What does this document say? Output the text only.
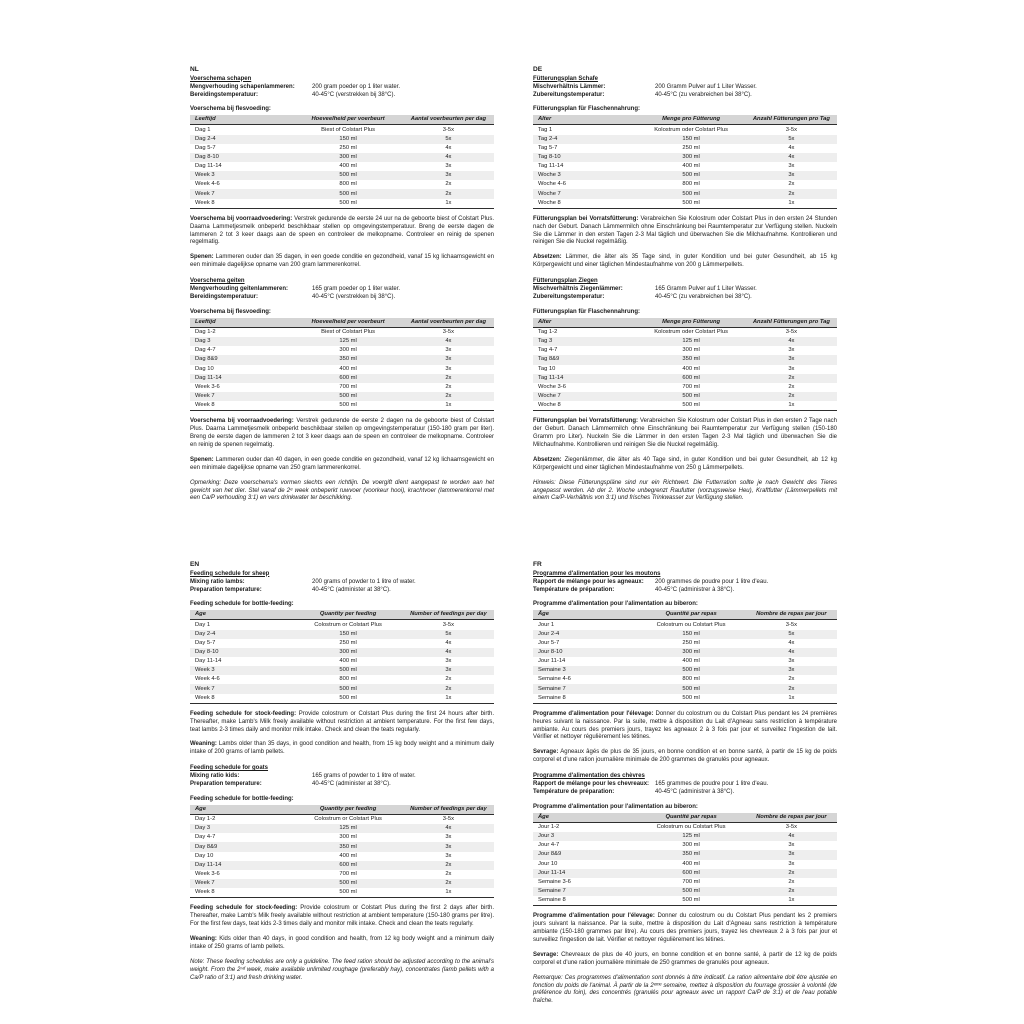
NL
Voerschema schapen
Mengverhouding schapenlammeren:	200 gram poeder op 1 liter water.
Bereidingstemperatuur:	40-45°C (verstrekken bij 38°C).
Voerschema bij flesvoeding:
Leeftijd	Hoeveelheid per voerbeurt	Aantal voerbeurten per dag
Dag 1	Biest of Colstart Plus	3-5x
Dag 2-4	150 ml	5x
Dag 5-7	250 ml	4x
Dag 8-10	300 ml	4x
Dag 11-14	400 ml	3x
Week 3	500 ml	3x
Week 4-6	800 ml	2x
Week 7	500 ml	2x
Week 8	500 ml	1x

Voerschema bij voorraadvoedering: Verstrek gedurende de eerste 24 uur na de geboorte biest of Colstart Plus. Daarna Lammetjesmelk onbeperkt beschikbaar stellen op omgevingstemperatuur. Breng de eerste dagen de lammeren 2 tot 3 keer daags aan de speen en controleer de melkopname. Controleer en reinig de spenen regelmatig.

Spenen: Lammeren ouder dan 35 dagen, in een goede conditie en gezondheid, vanaf 15 kg lichaamsgewicht en een minimale dagelijkse opname van 200 gram lammerenkorrel.

Voerschema geiten
Mengverhouding geitenlammeren:	165 gram poeder op 1 liter water.
Bereidingstemperatuur:	40-45°C (verstrekken bij 38°C).
Voerschema bij flesvoeding:
Leeftijd	Hoeveelheid per voerbeurt	Aantal voerbeurten per dag
Dag 1-2	Biest of Colstart Plus	3-5x
Dag 3	125 ml	4x
Dag 4-7	300 ml	3x
Dag 8&9	350 ml	3x
Dag 10	400 ml	3x
Dag 11-14	600 ml	2x
Week 3-6	700 ml	2x
Week 7	500 ml	2x
Week 8	500 ml	1x

Voerschema bij voorraadvoedering: Verstrek gedurende de eerste 2 dagen na de geboorte biest of Colstart Plus. Daarna Lammetjesmelk onbeperkt beschikbaar stellen op omgevingstemperatuur (150-180 gram per liter). Breng de eerste dagen de lammeren 2 tot 3 keer daags aan de speen en controleer de melkopname. Controleer en reinig de spenen regelmatig.

Spenen: Lammeren ouder dan 40 dagen, in een goede conditie en gezondheid, vanaf 12 kg lichaamsgewicht en een minimale dagelijkse opname van 250 gram lammerenkorrel.

Opmerking: Deze voerschema's vormen slechts een richtlijn. De voergift dient aangepast te worden aan het gewicht van het dier. Stel vanaf de 2ᵉ week onbeperkt ruwvoer (voorkeur hooi), krachtvoer (lammerenkorrel met een Ca/P verhouding 3:1) en vers drinkwater ter beschikking.

DE
Fütterungsplan Schafe
Mischverhältnis Lämmer:	200 Gramm Pulver auf 1 Liter Wasser.
Zubereitungstemperatur:	40-45°C (zu verabreichen bei 38°C).
Fütterungsplan für Flaschennahrung:
Alter	Menge pro Fütterung	Anzahl Fütterungen pro Tag
Tag 1	Kolostrum oder Colstart Plus	3-5x
Tag 2-4	150 ml	5x
Tag 5-7	250 ml	4x
Tag 8-10	300 ml	4x
Tag 11-14	400 ml	3x
Woche 3	500 ml	3x
Woche 4-6	800 ml	2x
Woche 7	500 ml	2x
Woche 8	500 ml	1x

Fütterungsplan bei Vorratsfütterung: Verabreichen Sie Kolostrum oder Colstart Plus in den ersten 24 Stunden nach der Geburt. Danach Lämmermilch ohne Einschränkung bei Raumtemperatur zur Verfügung stellen. Nuckeln Sie die Lämmer in den ersten Tagen 2-3 Mal täglich und überwachen Sie die Milchaufnahme. Kontrollieren und reinigen Sie die Nuckel regelmäßig.

Absetzen: Lämmer, die älter als 35 Tage sind, in guter Kondition und bei guter Gesundheit, ab 15 kg Körpergewicht und einer täglichen Mindestaufnahme von 200 g Lämmerpellets.

Fütterungsplan Ziegen
Mischverhältnis Ziegenlämmer:	165 Gramm Pulver auf 1 Liter Wasser.
Zubereitungstemperatur:	40-45°C (zu verabreichen bei 38°C).
Fütterungsplan für Flaschennahrung:
Alter	Menge pro Fütterung	Anzahl Fütterungen pro Tag
Tag 1-2	Kolostrum oder Colstart Plus	3-5x
Tag 3	125 ml	4x
Tag 4-7	300 ml	3x
Tag 8&9	350 ml	3x
Tag 10	400 ml	3x
Tag 11-14	600 ml	2x
Woche 3-6	700 ml	2x
Woche 7	500 ml	2x
Woche 8	500 ml	1x

Fütterungsplan bei Vorratsfütterung: Verabreichen Sie Kolostrum oder Colstart Plus in den ersten 2 Tage nach der Geburt. Danach Lämmermilch ohne Einschränkung bei Raumtemperatur zur Verfügung stellen (150-180 Gramm pro Liter). Nuckeln Sie die Lämmer in den ersten Tagen 2-3 Mal täglich und überwachen Sie die Milchaufnahme. Kontrollieren und reinigen Sie die Nuckel regelmäßig.

Absetzen: Ziegenlämmer, die älter als 40 Tage sind, in guter Kondition und bei guter Gesundheit, ab 12 kg Körpergewicht und einer täglichen Mindestaufnahme von 250 g Lämmerpellets.

Hinweis: Diese Fütterungspläne sind nur ein Richtwert. Die Futterration sollte je nach Gewicht des Tieres angepasst werden. Ab der 2. Woche unbegrenzt Raufutter (vorzugsweise Heu), Kraftfutter (Lämmerpellets mit einem Ca/P-Verhältnis von 3:1) und frisches Trinkwasser zur Verfügung stellen.

EN
Feeding schedule for sheep
Mixing ratio lambs:	200 grams of powder to 1 litre of water.
Preparation temperature:	40-45°C (administer at 38°C).
Feeding schedule for bottle-feeding:
Age	Quantity per feeding	Number of feedings per day
Day 1	Colostrum or Colstart Plus	3-5x
Day 2-4	150 ml	5x
Day 5-7	250 ml	4x
Day 8-10	300 ml	4x
Day 11-14	400 ml	3x
Week 3	500 ml	3x
Week 4-6	800 ml	2x
Week 7	500 ml	2x
Week 8	500 ml	1x

Feeding schedule for stock-feeding: Provide colostrum or Colstart Plus during the first 24 hours after birth. Thereafter, make Lamb's Milk freely available without restriction at ambient temperature. For the first few days, teat lambs 2-3 times daily and monitor milk intake. Check and clean the teats regularly.

Weaning: Lambs older than 35 days, in good condition and health, from 15 kg body weight and a minimum daily intake of 200 grams of lamb pellets.

Feeding schedule for goats
Mixing ratio kids:	165 grams of powder to 1 litre of water.
Preparation temperature:	40-45°C (administer at 38°C).
Feeding schedule for bottle-feeding:
Age	Quantity per feeding	Number of feedings per day
Day 1-2	Colostrum or Colstart Plus	3-5x
Day 3	125 ml	4x
Day 4-7	300 ml	3x
Day 8&9	350 ml	3x
Day 10	400 ml	3x
Day 11-14	600 ml	2x
Week 3-6	700 ml	2x
Week 7	500 ml	2x
Week 8	500 ml	1x

Feeding schedule for stock-feeding: Provide colostrum or Colstart Plus during the first 2 days after birth. Thereafter, make Lamb's Milk freely available without restriction at ambient temperature (150-180 grams per litre). For the first few days, teat kids 2-3 times daily and monitor milk intake. Check and clean the teats regularly.

Weaning: Kids older than 40 days, in good condition and health, from 12 kg body weight and a minimum daily intake of 250 grams of lamb pellets.

Note: These feeding schedules are only a guideline. The feed ration should be adjusted according to the animal's weight. From the 2ⁿᵈ week, make available unlimited roughage (preferably hay), concentrates (lamb pellets with a Ca/P ratio of 3:1) and fresh drinking water.

FR
Programme d'alimentation pour les moutons
Rapport de mélange pour les agneaux:	200 grammes de poudre pour 1 litre d'eau.
Température de préparation:	40-45°C (administrer à 38°C).
Programme d'alimentation pour l'alimentation au biberon:
Âge	Quantité par repas	Nombre de repas par jour
Jour 1	Colostrum ou Colstart Plus	3-5x
Jour 2-4	150 ml	5x
Jour 5-7	250 ml	4x
Jour 8-10	300 ml	4x
Jour 11-14	400 ml	3x
Semaine 3	500 ml	3x
Semaine 4-6	800 ml	2x
Semaine 7	500 ml	2x
Semaine 8	500 ml	1x

Programme d'alimentation pour l'élevage: Donner du colostrum ou du Colstart Plus pendant les 24 premières heures suivant la naissance. Par la suite, mettre à disposition du Lait d'Agneau sans restriction à température ambiante. Au cours des premiers jours, trayez les agneaux 2 à 3 fois par jour et surveillez l'ingestion de lait. Vérifier et nettoyer régulièrement les tétines.

Sevrage: Agneaux âgés de plus de 35 jours, en bonne condition et en bonne santé, à partir de 15 kg de poids corporel et d'une ration journalière minimale de 200 grammes de granulés pour agneaux.

Programme d'alimentation des chèvres
Rapport de mélange pour les chevreaux: 165 grammes de poudre pour 1 litre d'eau.
Température de préparation:	40-45°C (administrer à 38°C).
Programme d'alimentation pour l'alimentation au biberon:
Âge	Quantité par repas	Nombre de repas par jour
Jour 1-2	Colostrum ou Colstart Plus	3-5x
Jour 3	125 ml	4x
Jour 4-7	300 ml	3x
Jour 8&9	350 ml	3x
Jour 10	400 ml	3x
Jour 11-14	600 ml	2x
Semaine 3-6	700 ml	2x
Semaine 7	500 ml	2x
Semaine 8	500 ml	1x

Programme d'alimentation pour l'élevage: Donner du colostrum ou du Colstart Plus pendant les 2 premiers jours suivant la naissance. Par la suite, mettre à disposition du Lait d'Agneau sans restriction à température ambiante (150-180 grammes par litre). Au cours des premiers jours, trayez les chevreaux 2 à 3 fois par jour et surveillez l'ingestion de lait. Vérifier et nettoyer régulièrement les tétines.

Sevrage: Chevreaux de plus de 40 jours, en bonne condition et en bonne santé, à partir de 12 kg de poids corporel et d'une ration journalière minimale de 250 grammes de granulés pour agneaux.

Remarque: Ces programmes d'alimentation sont donnés à titre indicatif. La ration alimentaire doit être ajustée en fonction du poids de l'animal. À partir de la 2ᵉᵐᵉ semaine, mettez à disposition du fourrage grossier à volonté (de préférence du foin), des concentrés (granulés pour agneaux avec un rapport Ca/P de 3:1) et de l'eau potable fraîche.
